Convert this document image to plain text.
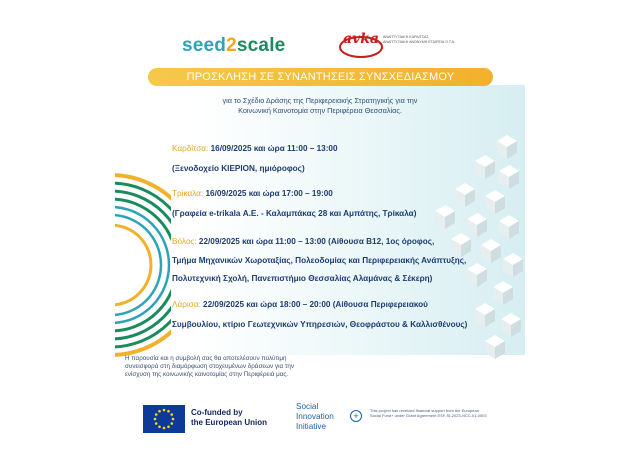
seed2scale	avka ΑΝΑΠΤΥΞΙΑΚΗ ΚΑΡΔΙΤΣΑΣ
ΑΝΑΠΤΥΞΙΑΚΗ ΑΝΩΝΥΜΗ ΕΤΑΙΡΕΙΑ Ο.Τ.Α.
ΠΡΟΣΚΛΗΣΗ ΣΕ ΣΥΝΑΝΤΗΣΕΙΣ ΣΥΝΣΧΕΔΙΑΣΜΟΥ
για το Σχέδιο Δράσης της Περιφερειακής Στρατηγικής για την
Κοινωνική Καινοτομία στην Περιφέρεια Θεσσαλίας.
Καρδίτσα: 16/09/2025 και ώρα 11:00 – 13:00
(Ξενοδοχείο ΚΙΕΡΙΟΝ, ημιόροφος)
Τρίκαλα: 16/09/2025 και ώρα 17:00 – 19:00
(Γραφεία e-trikala Α.Ε. - Καλαμπάκας 28 και Αμπάτης, Τρίκαλα)
Βόλος: 22/09/2025 και ώρα 11:00 – 13:00 (Αίθουσα Β12, 1ος όροφος,
Τμήμα Μηχανικών Χωροταξίας, Πολεοδομίας και Περιφερειακής Ανάπτυξης,
Πολυτεχνική Σχολή, Πανεπιστήμιο Θεσσαλίας Αλαμάνας & Σέκερη)
Λάρισα: 22/09/2025 και ώρα 18:00 – 20:00 (Αίθουσα Περιφερειακού
Συμβουλίου, κτίριο Γεωτεχνικών Υπηρεσιών, Θεοφράστου & Καλλισθένους)
Η παρουσία και η συμβολή σας θα αποτελέσουν πολύτιμη
συνεισφορά στη διαμόρφωση στοχευμένων δράσεων για την
ενίσχυση της κοινωνικής καινοτομίας στην Περιφέρειά μας.
Co-funded by
the European Union
Social
Innovation
Initiative
+
This project has received financial support from the European
Social Fund+ under Grant Agreement ESF-SI-2023-NCC-01-0003
